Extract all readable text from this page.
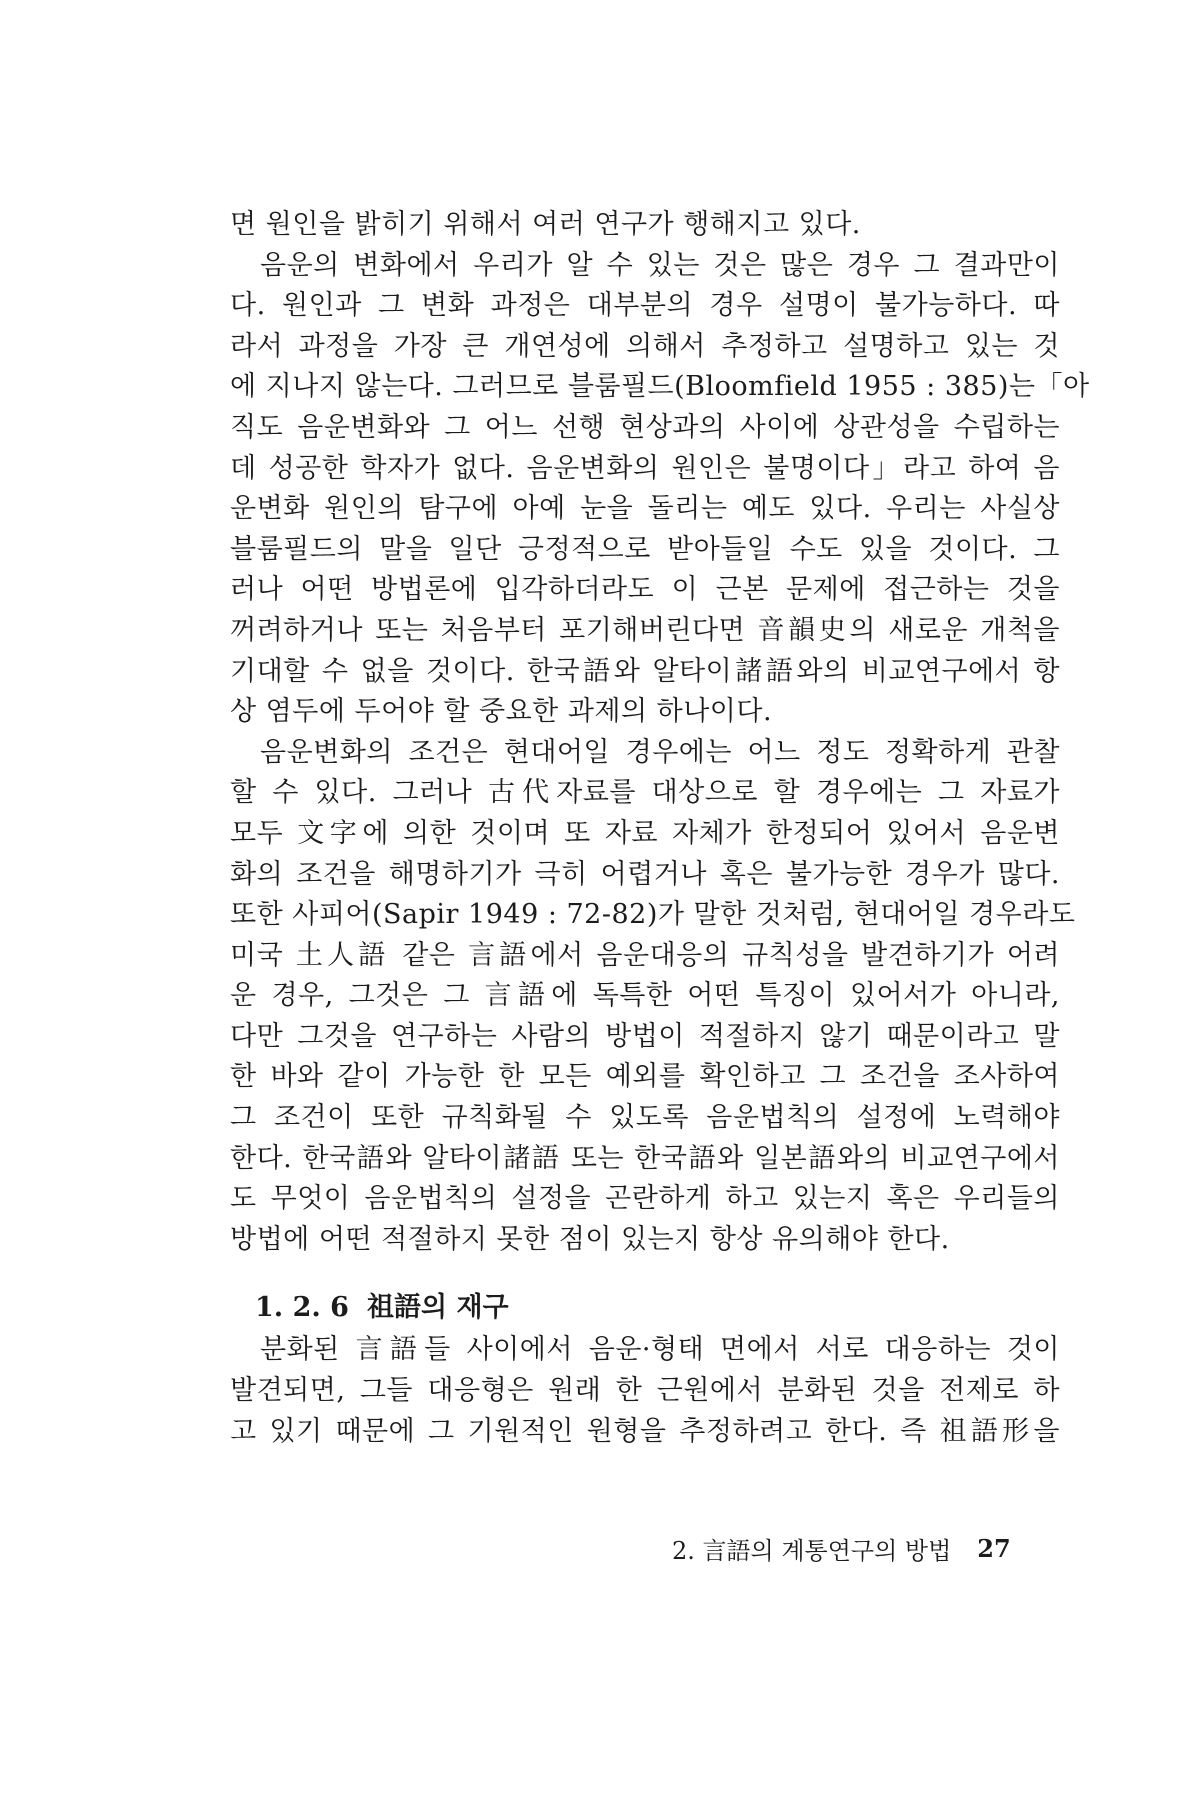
면 원인을 밝히기 위해서 여러 연구가 행해지고 있다.
음운의 변화에서 우리가 알 수 있는 것은 많은 경우 그 결과만이
다. 원인과 그 변화 과정은 대부분의 경우 설명이 불가능하다. 따
라서 과정을 가장 큰 개연성에 의해서 추정하고 설명하고 있는 것
에 지나지 않는다. 그러므로 블룸필드(Bloomfield 1955 : 385)는「아
직도 음운변화와 그 어느 선행 현상과의 사이에 상관성을 수립하는
데 성공한 학자가 없다. 음운변화의 원인은 불명이다」라고 하여 음
운변화 원인의 탐구에 아예 눈을 돌리는 예도 있다. 우리는 사실상
블룸필드의 말을 일단 긍정적으로 받아들일 수도 있을 것이다. 그
러나 어떤 방법론에 입각하더라도 이 근본 문제에 접근하는 것을
꺼려하거나 또는 처음부터 포기해버린다면 音韻史의 새로운 개척을
기대할 수 없을 것이다. 한국語와 알타이諸語와의 비교연구에서 항
상 염두에 두어야 할 중요한 과제의 하나이다.
음운변화의 조건은 현대어일 경우에는 어느 정도 정확하게 관찰
할 수 있다. 그러나 古代자료를 대상으로 할 경우에는 그 자료가
모두 文字에 의한 것이며 또 자료 자체가 한정되어 있어서 음운변
화의 조건을 해명하기가 극히 어렵거나 혹은 불가능한 경우가 많다.
또한 사피어(Sapir 1949 : 72-82)가 말한 것처럼, 현대어일 경우라도
미국 土人語 같은 言語에서 음운대응의 규칙성을 발견하기가 어려
운 경우, 그것은 그 言語에 독특한 어떤 특징이 있어서가 아니라,
다만 그것을 연구하는 사람의 방법이 적절하지 않기 때문이라고 말
한 바와 같이 가능한 한 모든 예외를 확인하고 그 조건을 조사하여
그 조건이 또한 규칙화될 수 있도록 음운법칙의 설정에 노력해야
한다. 한국語와 알타이諸語 또는 한국語와 일본語와의 비교연구에서
도 무엇이 음운법칙의 설정을 곤란하게 하고 있는지 혹은 우리들의
방법에 어떤 적절하지 못한 점이 있는지 항상 유의해야 한다.
1. 2. 6 祖語의 재구
분화된 言語들 사이에서 음운·형태 면에서 서로 대응하는 것이
발견되면, 그들 대응형은 원래 한 근원에서 분화된 것을 전제로 하
고 있기 때문에 그 기원적인 원형을 추정하려고 한다. 즉 祖語形을
2. 言語의 계통연구의 방법 27
